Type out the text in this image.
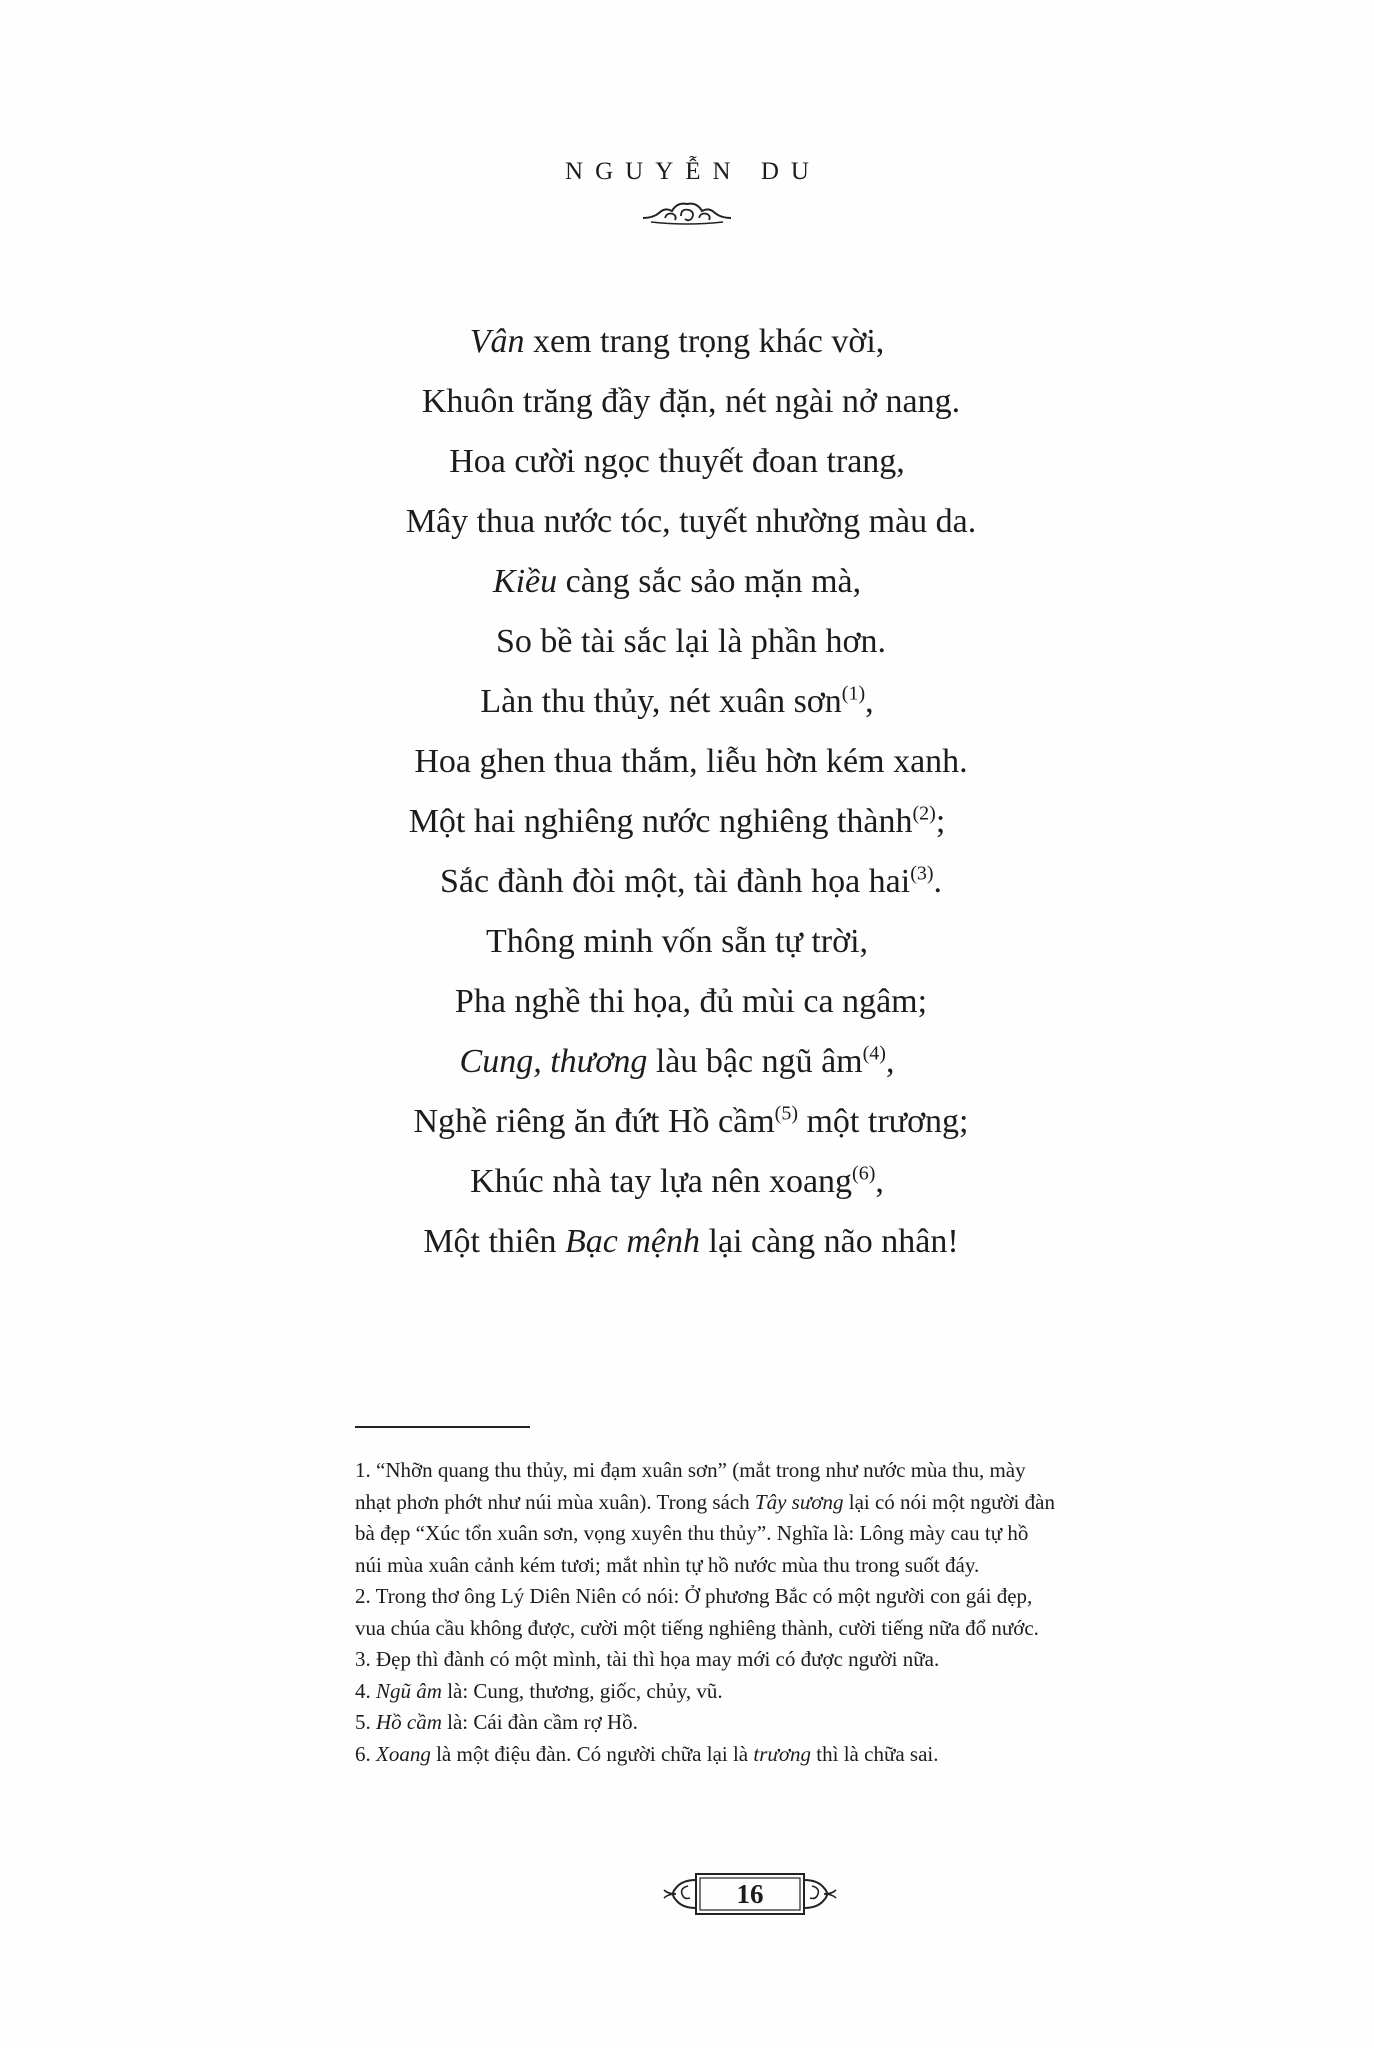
NGUYỄN DU
Vân xem trang trọng khác vời,
Khuôn trăng đầy đặn, nét ngài nở nang.
Hoa cười ngọc thuyết đoan trang,
Mây thua nước tóc, tuyết nhường màu da.
Kiều càng sắc sảo mặn mà,
So bề tài sắc lại là phần hơn.
Làn thu thủy, nét xuân sơn$^{(1)}$,
Hoa ghen thua thắm, liễu hờn kém xanh.
Một hai nghiêng nước nghiêng thành$^{(2)}$;
Sắc đành đòi một, tài đành họa hai$^{(3)}$.
Thông minh vốn sẵn tự trời,
Pha nghề thi họa, đủ mùi ca ngâm;
Cung, thương làu bậc ngũ $âm^{(4)}$,
Nghề riêng ăn đứt Hồ cầm$^{(5)}$ một trương;
Khúc nhà tay lựa nên xoang$^{(6)}$,
Một thiên Bạc mệnh lại càng não nhân!

1. “Nhỡn quang thu thủy, mi đạm xuân sơn” (mắt trong như nước mùa thu, mày nhạt phơn phớt như núi mùa xuân). Trong sách Tây sương lại có nói một người đàn bà đẹp “Xúc tổn xuân sơn, vọng xuyên thu thủy”. Nghĩa là: Lông mày cau tự hồ núi mùa xuân cảnh kém tươi; mắt nhìn tự hồ nước mùa thu trong suốt đáy.

2. Trong thơ ông Lý Diên Niên có nói: Ở phương Bắc có một người con gái đẹp, vua chúa cầu không được, cười một tiếng nghiêng thành, cười tiếng nữa đổ nước.

3. Đẹp thì đành có một mình, tài thì họa may mới có được người nữa.

4. Ngũ âm là: Cung, thương, giốc, chủy, vũ.

5. Hồ cầm là: Cái đàn cầm rợ Hồ.

6. Xoang là một điệu đàn. Có người chữa lại là trương thì là chữa sai.

16
